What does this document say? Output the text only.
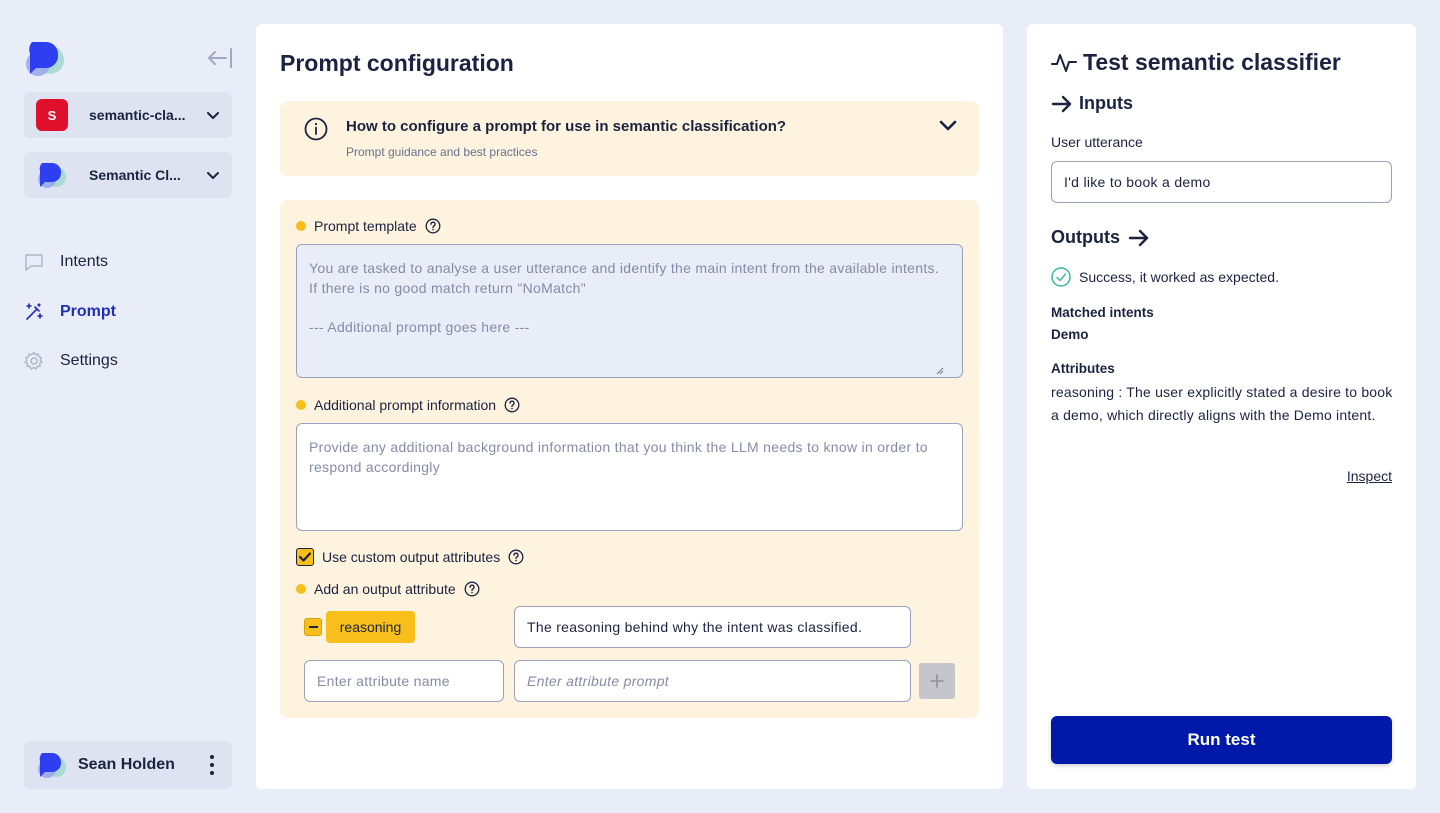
S	semantic-cla...
Semantic Cl...
Intents
Prompt
Settings
Sean Holden
Prompt configuration
How to configure a prompt for use in semantic classification?
Prompt guidance and best practices
Prompt template
You are tasked to analyse a user utterance and identify the main intent from the available intents.
If there is no good match return "NoMatch"

--- Additional prompt goes here ---
Additional prompt information
Provide any additional background information that you think the LLM needs to know in order to respond accordingly
Use custom output attributes
Add an output attribute
reasoning	The reasoning behind why the intent was classified.
Enter attribute name	Enter attribute prompt
Test semantic classifier
Inputs
User utterance
I'd like to book a demo
Outputs
Success, it worked as expected.
Matched intents
Demo
Attributes
reasoning : The user explicitly stated a desire to book a demo, which directly aligns with the Demo intent.
Inspect
Run test
